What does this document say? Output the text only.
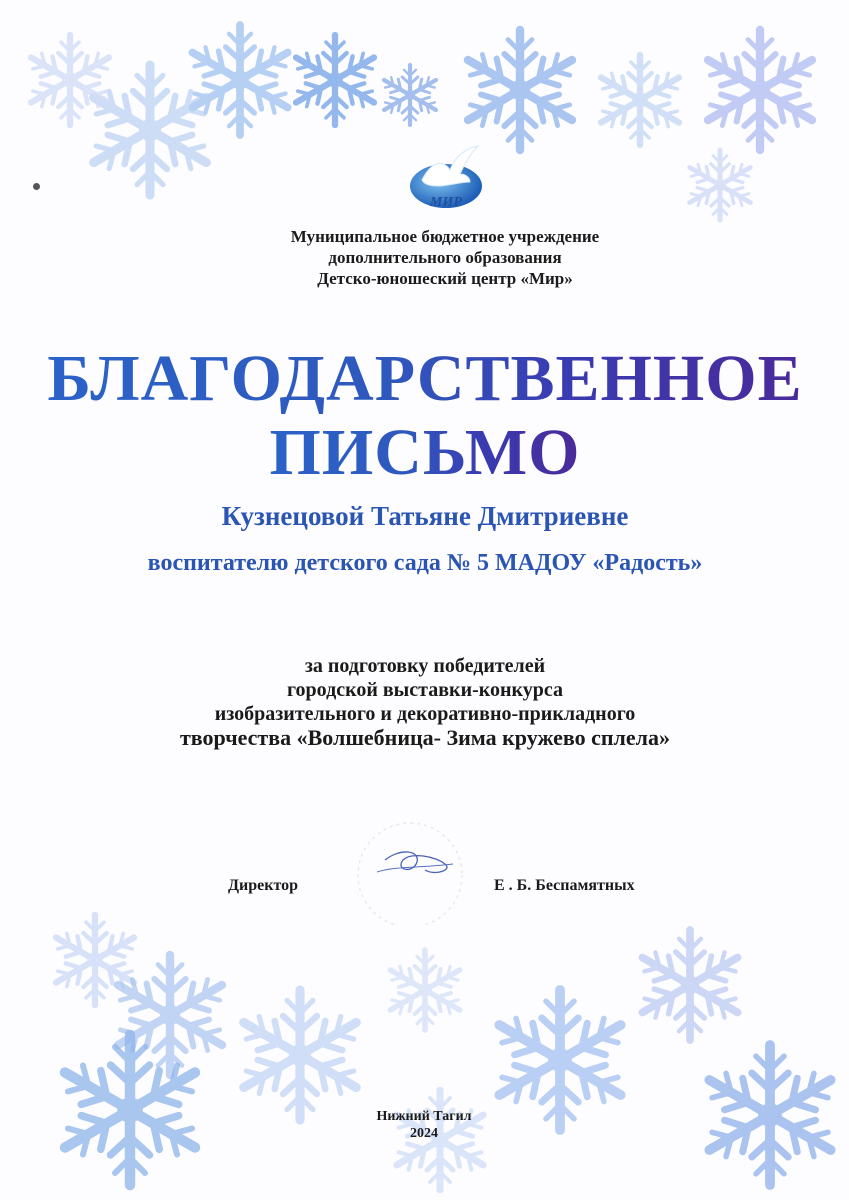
МИР
Муниципальное бюджетное учреждение
дополнительного образования
Детско-юношеский центр «Мир»
БЛАГОДАРСТВЕННОЕ
ПИСЬМО
Кузнецовой Татьяне Дмитриевне
воспитателю детского сада № 5 МАДОУ «Радость»
за подготовку победителей
городской выставки-конкурса
изобразительного и декоративно-прикладного
творчества «Волшебница- Зима кружево сплела»
Директор	Е . Б. Беспамятных
Нижний Тагил
2024
